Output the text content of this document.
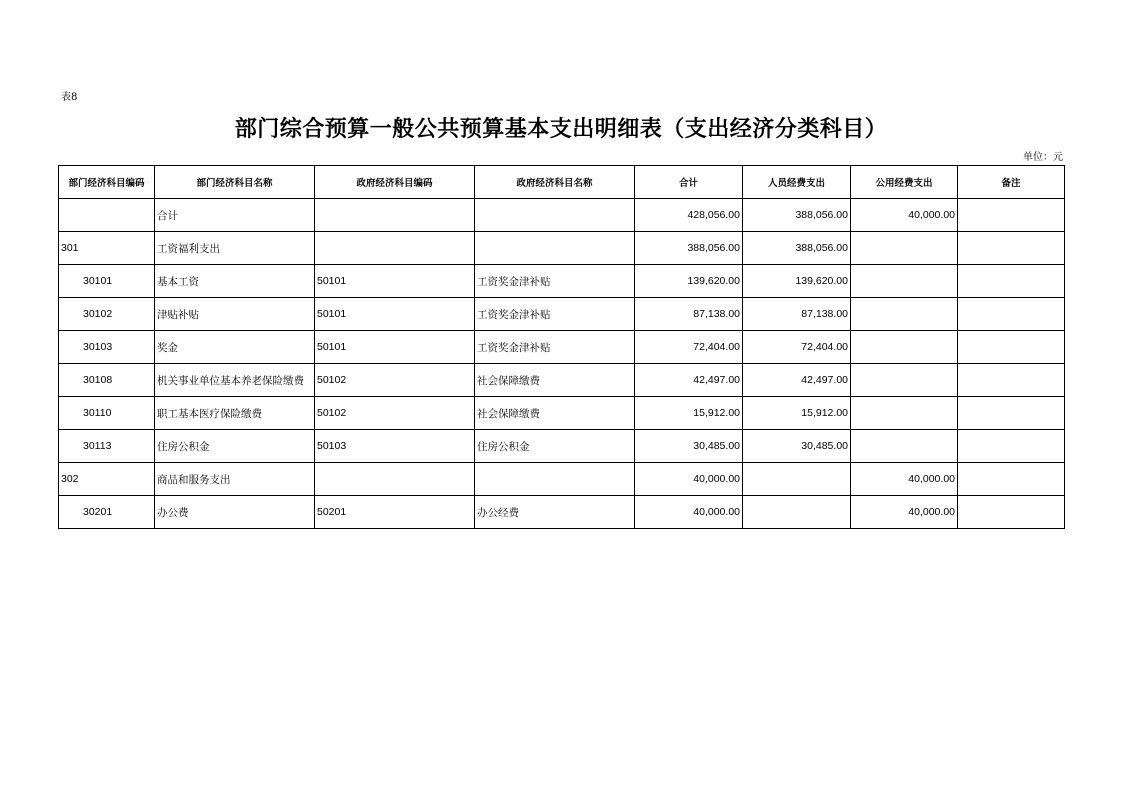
表8
部门综合预算一般公共预算基本支出明细表（支出经济分类科目）
单位：元
部门经济科目编码	部门经济科目名称	政府经济科目编码	政府经济科目名称	合计	人员经费支出	公用经费支出	备注
	合计			428,056.00	388,056.00	40,000.00	
301	工资福利支出			388,056.00	388,056.00		
30101	基本工资	50101	工资奖金津补贴	139,620.00	139,620.00		
30102	津贴补贴	50101	工资奖金津补贴	87,138.00	87,138.00		
30103	奖金	50101	工资奖金津补贴	72,404.00	72,404.00		
30108	机关事业单位基本养老保险缴费	50102	社会保障缴费	42,497.00	42,497.00		
30110	职工基本医疗保险缴费	50102	社会保障缴费	15,912.00	15,912.00		
30113	住房公积金	50103	住房公积金	30,485.00	30,485.00		
302	商品和服务支出			40,000.00		40,000.00	
30201	办公费	50201	办公经费	40,000.00		40,000.00	
